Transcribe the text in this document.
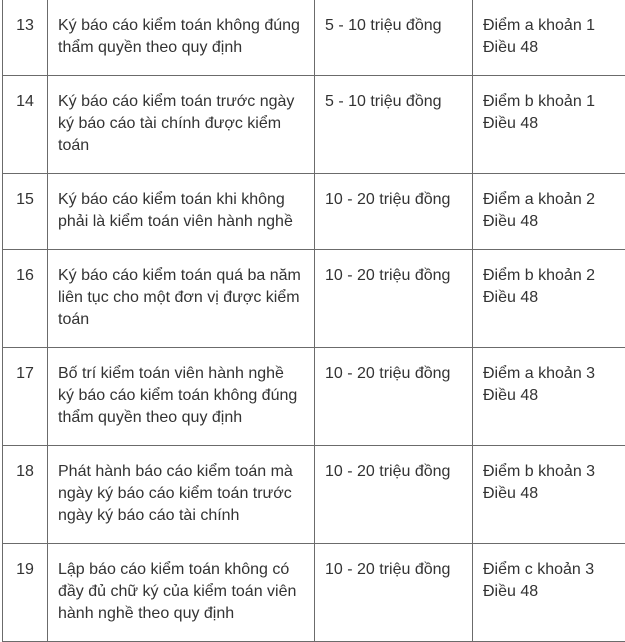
13	Ký báo cáo kiểm toán không đúng thẩm quyền theo quy định	5 - 10 triệu đồng	Điểm a khoản 1 Điều 48
14	Ký báo cáo kiểm toán trước ngày ký báo cáo tài chính được kiểm toán	5 - 10 triệu đồng	Điểm b khoản 1 Điều 48
15	Ký báo cáo kiểm toán khi không phải là kiểm toán viên hành nghề	10 - 20 triệu đồng	Điểm a khoản 2 Điều 48
16	Ký báo cáo kiểm toán quá ba năm liên tục cho một đơn vị được kiểm toán	10 - 20 triệu đồng	Điểm b khoản 2 Điều 48
17	Bố trí kiểm toán viên hành nghề ký báo cáo kiểm toán không đúng thẩm quyền theo quy định	10 - 20 triệu đồng	Điểm a khoản 3 Điều 48
18	Phát hành báo cáo kiểm toán mà ngày ký báo cáo kiểm toán trước ngày ký báo cáo tài chính	10 - 20 triệu đồng	Điểm b khoản 3 Điều 48
19	Lập báo cáo kiểm toán không có đầy đủ chữ ký của kiểm toán viên hành nghề theo quy định	10 - 20 triệu đồng	Điểm c khoản 3 Điều 48
